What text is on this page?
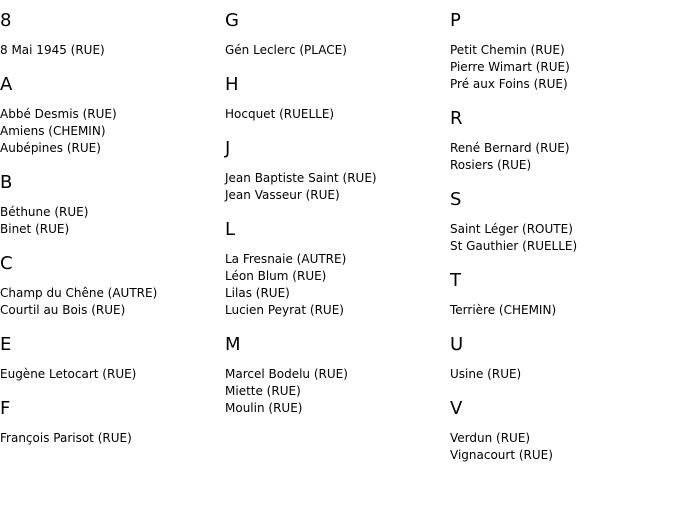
8
8 Mai 1945 (RUE)
A
Abbé Desmis (RUE)
Amiens (CHEMIN)
Aubépines (RUE)
B
Béthune (RUE)
Binet (RUE)
C
Champ du Chêne (AUTRE)
Courtil au Bois (RUE)
E
Eugène Letocart (RUE)
F
François Parisot (RUE)
G
Gén Leclerc (PLACE)
H
Hocquet (RUELLE)
J
Jean Baptiste Saint (RUE)
Jean Vasseur (RUE)
L
La Fresnaie (AUTRE)
Léon Blum (RUE)
Lilas (RUE)
Lucien Peyrat (RUE)
M
Marcel Bodelu (RUE)
Miette (RUE)
Moulin (RUE)
P
Petit Chemin (RUE)
Pierre Wimart (RUE)
Pré aux Foins (RUE)
R
René Bernard (RUE)
Rosiers (RUE)
S
Saint Léger (ROUTE)
St Gauthier (RUELLE)
T
Terrière (CHEMIN)
U
Usine (RUE)
V
Verdun (RUE)
Vignacourt (RUE)
